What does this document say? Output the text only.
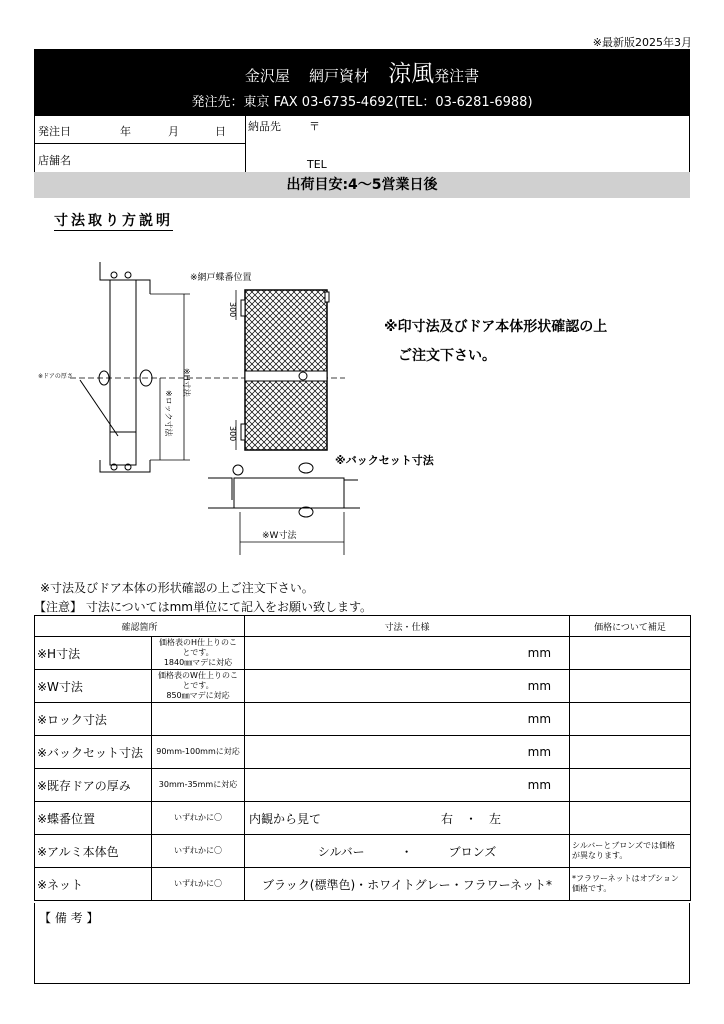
※最新版2025年3月
金沢屋 網戸資材 涼風発注書
発注先：東京 FAX 03-6735-4692(TEL：03-6281-6988)
発注日	年	月	日
店舗名
納品先	〒
TEL
出荷目安:4〜5営業日後
寸法取り方説明
※H寸法
※ロック寸法
※ドアの厚さ
※網戸蝶番位置
300
300
※W寸法
※バックセット寸法
※印寸法及びドア本体形状確認の上
ご注文下さい。
※寸法及びドア本体の形状確認の上ご注文下さい。
【注意】 寸法についてはmm単位にて記入をお願い致します。
確認箇所		寸法・仕様	価格について補足
※H寸法	価格表のH仕上りのこ
とです。
1840㎜マデに対応	mm	

※W寸法	価格表のW仕上りのこ
とです。
850㎜マデに対応	mm	

※ロック寸法		mm	

※バックセット寸法	90mm-100mmに対応	mm	

※既存ドアの厚み	30mm-35mmに対応	mm	

※蝶番位置	いずれかに〇	内観から見て　　　　　　　　　　右　・　左	
※アルミ本体色	いずれかに〇	シルバー　　　・　　　ブロンズ	シルバーとブロンズでは価格
が異なります。

※ネット	いずれかに〇	ブラック(標準色)・ホワイトグレー・フラワーネット*	*フラワーネットはオプション
価格です。
【 備 考 】
